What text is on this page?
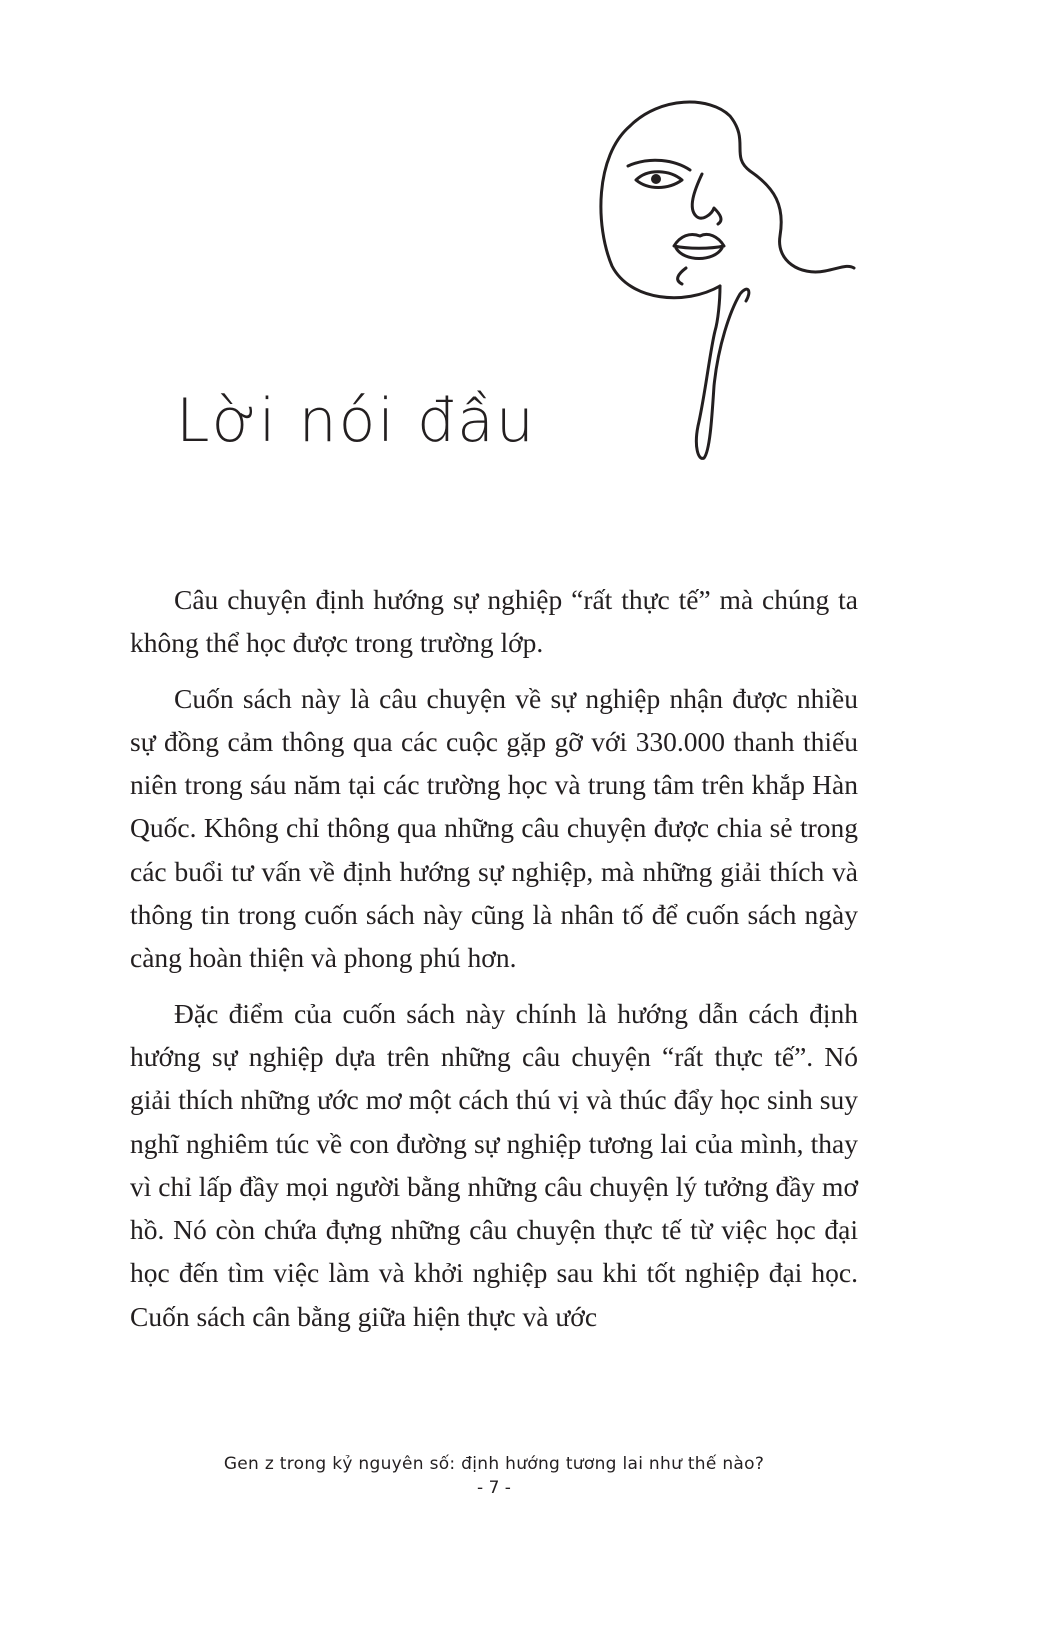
Lời nói đầu

Câu chuyện định hướng sự nghiệp “rất thực tế” mà chúng ta không thể học được trong trường lớp.

Cuốn sách này là câu chuyện về sự nghiệp nhận được nhiều sự đồng cảm thông qua các cuộc gặp gỡ với 330.000 thanh thiếu niên trong sáu năm tại các trường học và trung tâm trên khắp Hàn Quốc. Không chỉ thông qua những câu chuyện được chia sẻ trong các buổi tư vấn về định hướng sự nghiệp, mà những giải thích và thông tin trong cuốn sách này cũng là nhân tố để cuốn sách ngày càng hoàn thiện và phong phú hơn.

Đặc điểm của cuốn sách này chính là hướng dẫn cách định hướng sự nghiệp dựa trên những câu chuyện “rất thực tế”. Nó giải thích những ước mơ một cách thú vị và thúc đẩy học sinh suy nghĩ nghiêm túc về con đường sự nghiệp tương lai của mình, thay vì chỉ lấp đầy mọi người bằng những câu chuyện lý tưởng đầy mơ hồ. Nó còn chứa đựng những câu chuyện thực tế từ việc học đại học đến tìm việc làm và khởi nghiệp sau khi tốt nghiệp đại học. Cuốn sách cân bằng giữa hiện thực và ước

Gen z trong kỷ nguyên số: định hướng tương lai như thế nào?
- 7 -
